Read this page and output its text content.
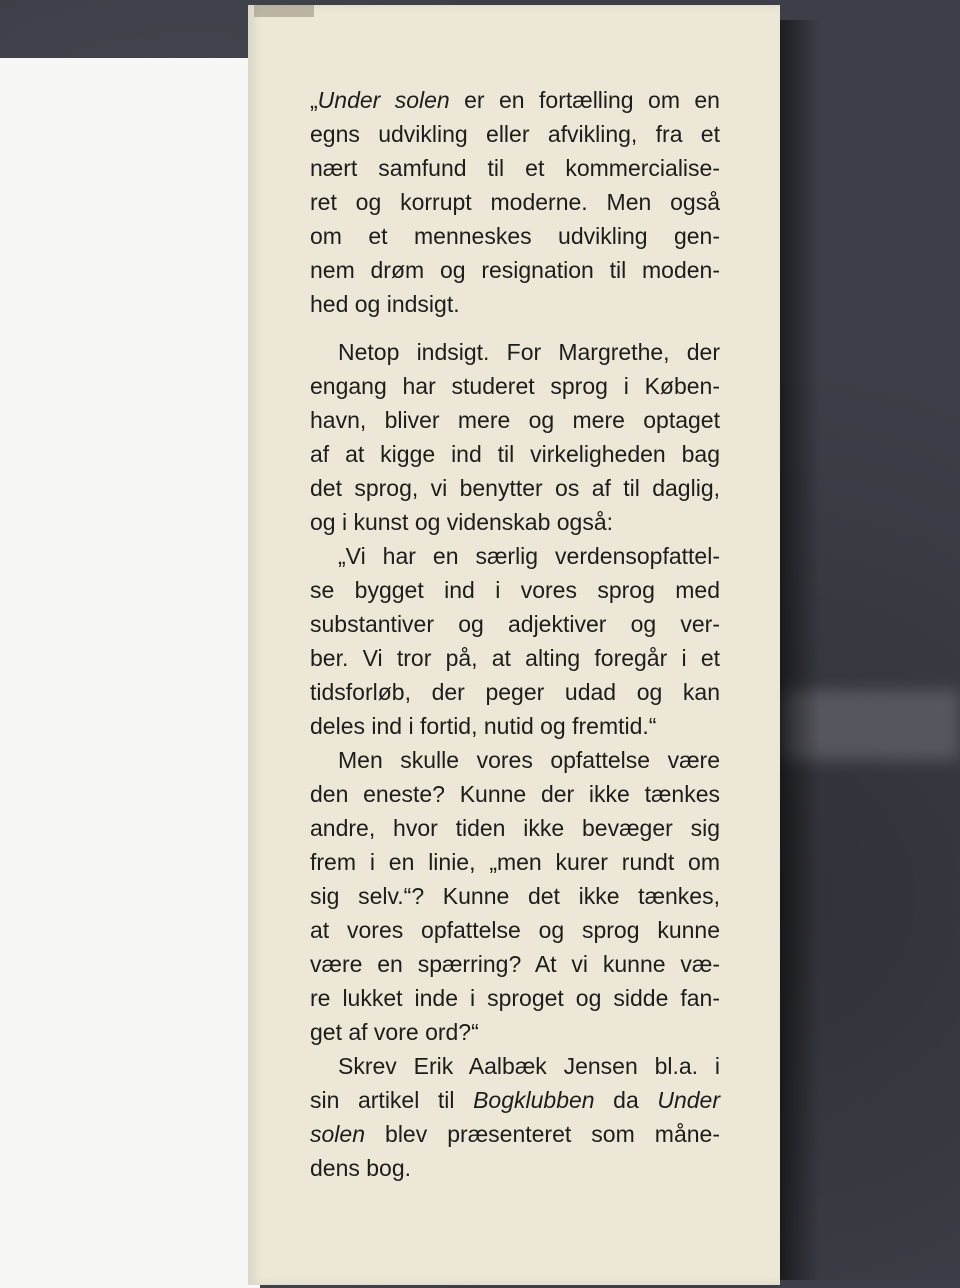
„Under solen er en fortælling om en
egns udvikling eller afvikling, fra et
nært samfund til et kommercialise-
ret og korrupt moderne. Men også
om et menneskes udvikling gen-
nem drøm og resignation til moden-
hed og indsigt.
Netop indsigt. For Margrethe, der
engang har studeret sprog i Køben-
havn, bliver mere og mere optaget
af at kigge ind til virkeligheden bag
det sprog, vi benytter os af til daglig,
og i kunst og videnskab også:
„Vi har en særlig verdensopfattel-
se bygget ind i vores sprog med
substantiver og adjektiver og ver-
ber. Vi tror på, at alting foregår i et
tidsforløb, der peger udad og kan
deles ind i fortid, nutid og fremtid.“
Men skulle vores opfattelse være
den eneste? Kunne der ikke tænkes
andre, hvor tiden ikke bevæger sig
frem i en linie, „men kurer rundt om
sig selv.“? Kunne det ikke tænkes,
at vores opfattelse og sprog kunne
være en spærring? At vi kunne væ-
re lukket inde i sproget og sidde fan-
get af vore ord?“
Skrev Erik Aalbæk Jensen bl.a. i
sin artikel til Bogklubben da Under
solen blev præsenteret som måne-
dens bog.
